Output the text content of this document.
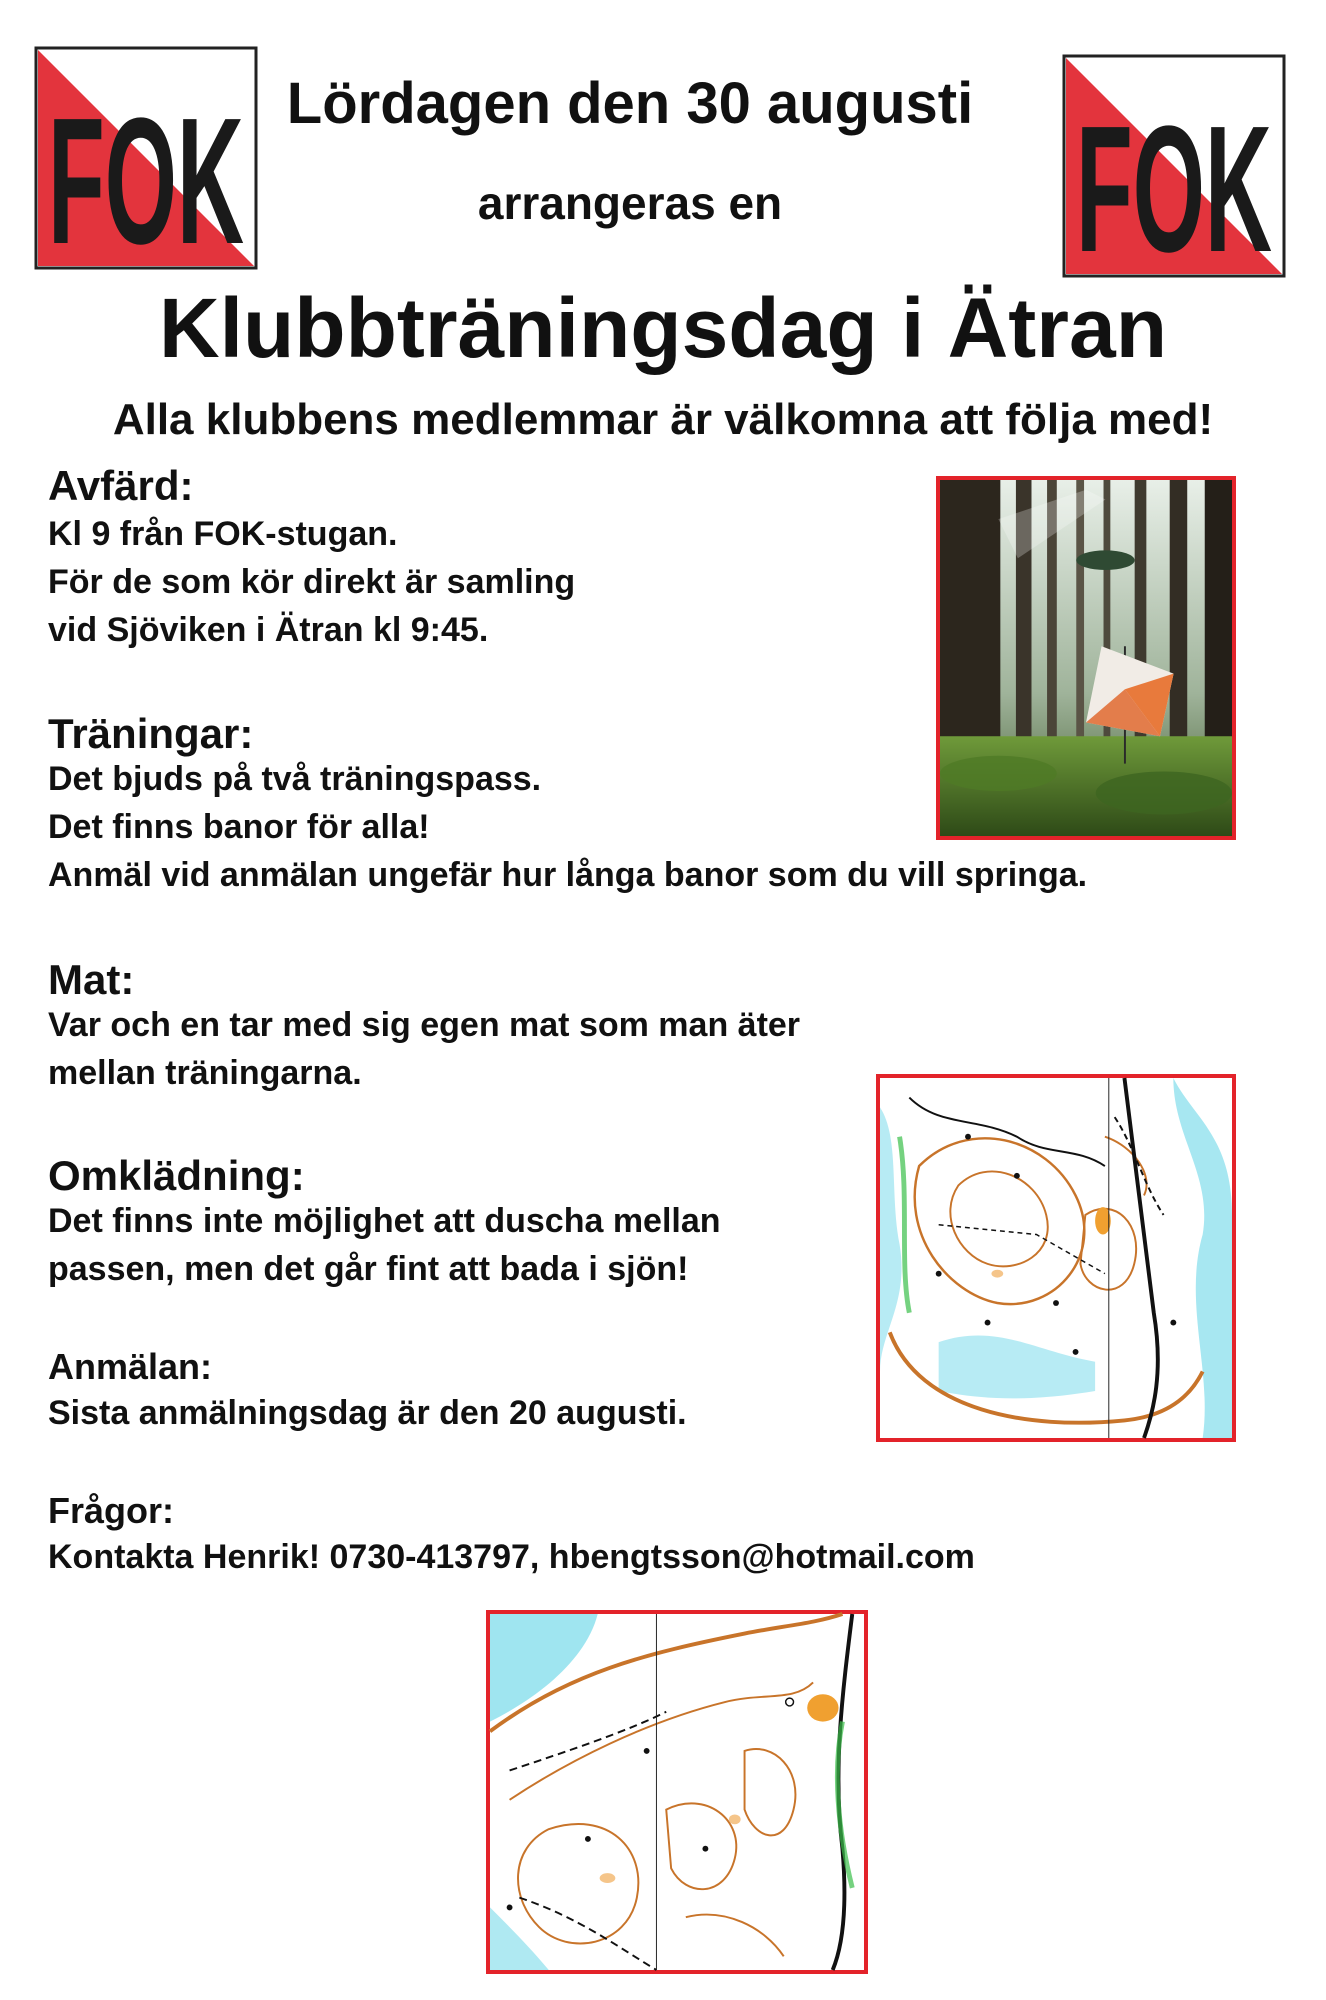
FOK	FOK
Lördagen den 30 augusti
arrangeras en
Klubbträningsdag i Ätran
Alla klubbens medlemmar är välkomna att följa med!
Avfärd:
Kl 9 från FOK-stugan.
För de som kör direkt är samling
vid Sjöviken i Ätran kl 9:45.
Träningar:
Det bjuds på två träningspass.
Det finns banor för alla!
Anmäl vid anmälan ungefär hur långa banor som du vill springa.
Mat:
Var och en tar med sig egen mat som man äter
mellan träningarna.
Omklädning:
Det finns inte möjlighet att duscha mellan
passen, men det går fint att bada i sjön!
Anmälan:
Sista anmälningsdag är den 20 augusti.
Frågor:
Kontakta Henrik! 0730-413797, hbengtsson@hotmail.com
